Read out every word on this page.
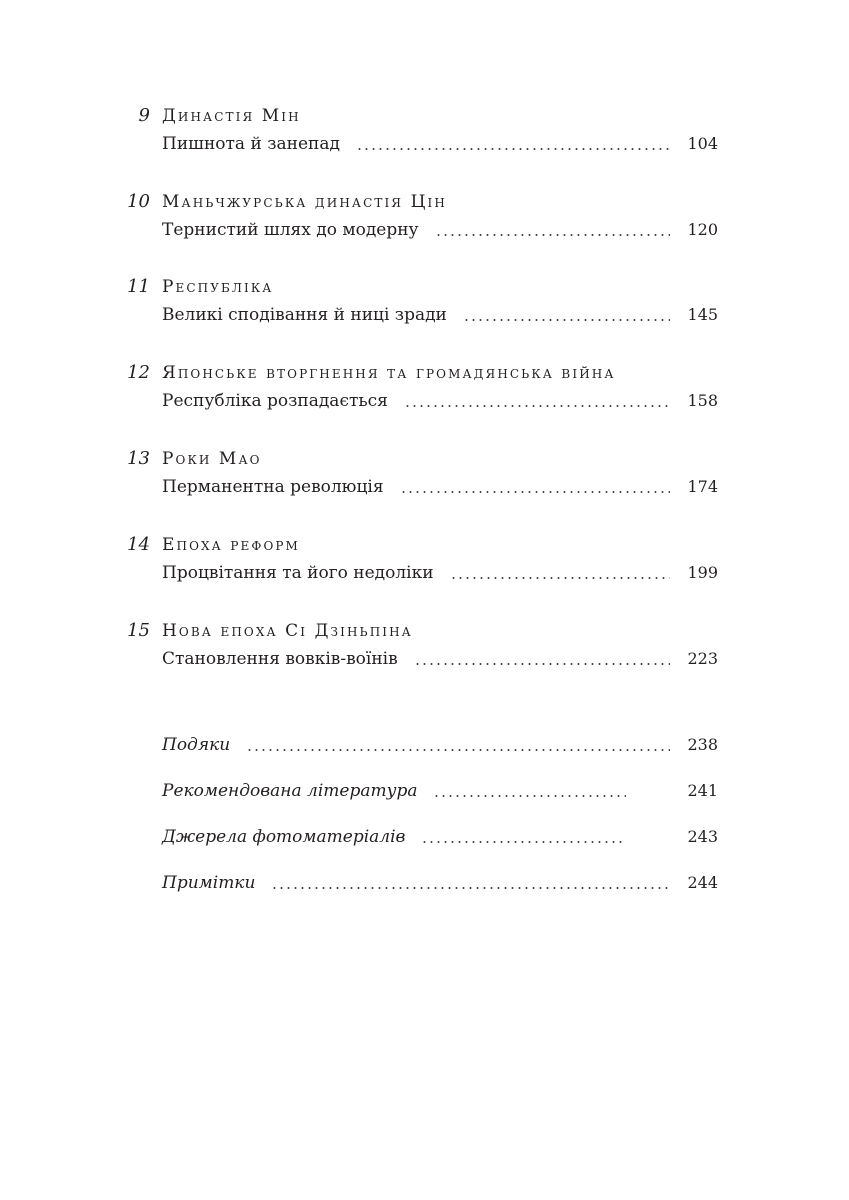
9 Династія Мін
Пишнота й занепад	104
10 Маньчжурська династія Цін
Тернистий шлях до модерну	120
11 Республіка
Великі сподівання й ниці зради	145
12 Японське вторгнення та громадянська війна
Республіка розпадається	158
13 Роки Мао
Перманентна революція	174
14 Епоха реформ
Процвітання та його недоліки	199
15 Нова епоха Сі Дзіньпіна
Становлення вовків-воїнів	223
Подяки	238
Рекомендована література	241
Джерела фотоматеріалів	243
Примітки	244
